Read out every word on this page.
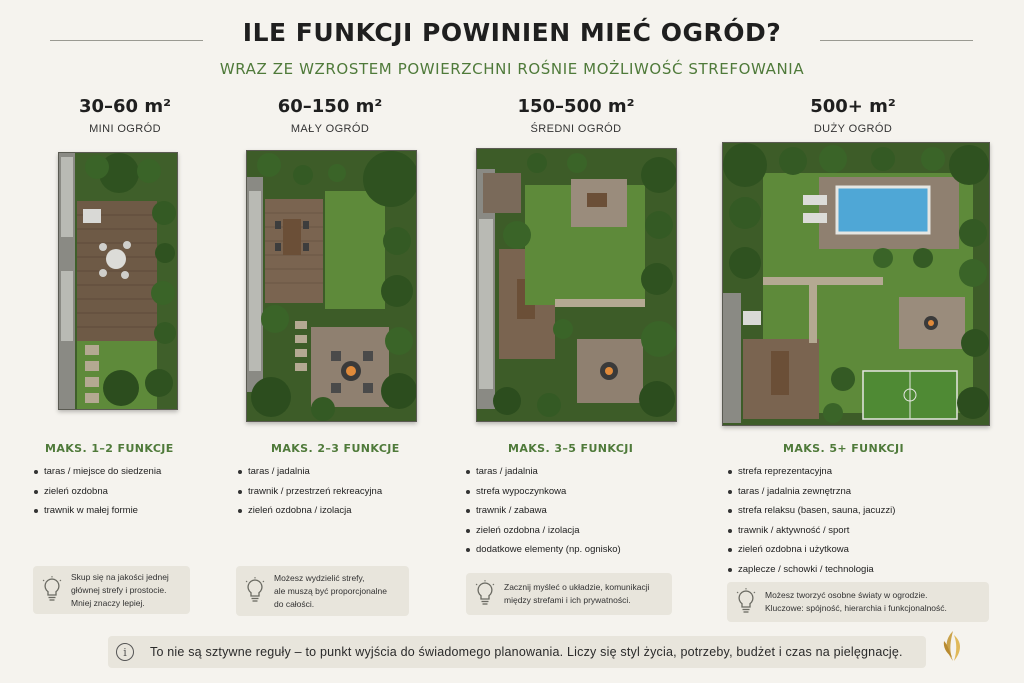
ILE FUNKCJI POWINIEN MIEĆ OGRÓD?
WRAZ ZE WZROSTEM POWIERZCHNI ROŚNIE MOŻLIWOŚĆ STREFOWANIA
30–60 m²
MINI OGRÓD
60–150 m²
MAŁY OGRÓD
150–500 m²
ŚREDNI OGRÓD
500+ m²
DUŻY OGRÓD
MAKS. 1–2 FUNKCJE	MAKS. 2–3 FUNKCJE	MAKS. 3–5 FUNKCJI	MAKS. 5+ FUNKCJI
taras / miejsce do siedzenia
zieleń ozdobna
trawnik w małej formie
taras / jadalnia
trawnik / przestrzeń rekreacyjna
zieleń ozdobna / izolacja
taras / jadalnia
strefa wypoczynkowa
trawnik / zabawa
zieleń ozdobna / izolacja
dodatkowe elementy (np. ognisko)
strefa reprezentacyjna
taras / jadalnia zewnętrzna
strefa relaksu (basen, sauna, jacuzzi)
trawnik / aktywność / sport
zieleń ozdobna i użytkowa
zaplecze / schowki / technologia
Skup się na jakości jednej
głównej strefy i prostocie.
Mniej znaczy lepiej.
Możesz wydzielić strefy,
ale muszą być proporcjonalne
do całości.
Zacznij myśleć o układzie, komunikacji
między strefami i ich prywatności.	Możesz tworzyć osobne światy w ogrodzie.
Kluczowe: spójność, hierarchia i funkcjonalność.
i	To nie są sztywne reguły – to punkt wyjścia do świadomego planowania. Liczy się styl życia, potrzeby, budżet i czas na pielęgnację.
